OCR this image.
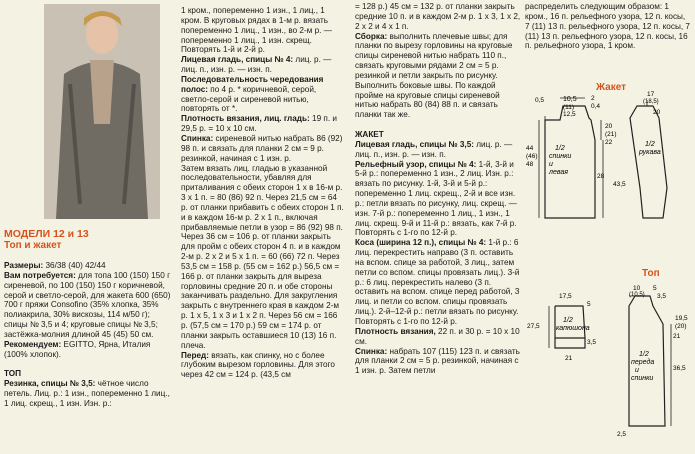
МОДЕЛИ 12 и 13
Топ и жакет

Размеры: 36/38 (40) 42/44

Вам потребуется: для топа 100 (150) 150 г сиреневой, по 100 (150) 150 г коричневой, серой и светло-серой, для жакета 600 (650) 700 г пряжи Consofino (35% хлопка, 35% полиакрила, 30% вискозы, 114 м/50 г); спицы № 3,5 и 4; круговые спицы № 3,5; застёжка-молния длиной 45 (45) 50 см.

Рекомендуем: EGITTO, Ярна, Италия (100% хлопок).

ТОП

Резинка, спицы № 3,5: чётное число петель. Лиц. р.: 1 изн., попеременно 1 лиц., 1 лиц. скрещ., 1 изн. Изн. р.:

1 кром., попеременно 1 изн., 1 лиц., 1 кром. В круговых рядах в 1-м р. вязать попеременно 1 лиц., 1 изн., во 2-м р. — попеременно 1 лиц., 1 изн. скрещ. Повторять 1-й и 2-й р.

Лицевая гладь, спицы № 4: лиц. р. — лиц. п., изн. р. — изн. п.

Последовательность чередования полос: по 4 р. * коричневой, серой, светло-серой и сиреневой нитью, повторять от *.

Плотность вязания, лиц. гладь: 19 п. и 29,5 р. = 10 х 10 см.

Спинка: сиреневой нитью набрать 86 (92) 98 п. и связать для планки 2 см = 9 р. резинкой, начиная с 1 изн. р.

Затем вязать лиц. гладью в указанной последовательности, убавляя для приталивания с обеих сторон 1 х в 16-м р. 3 х 1 п. = 80 (86) 92 п. Через 21,5 см = 64 р. от планки прибавить с обеих сторон 1 п. и в каждом 16-м р. 2 х 1 п., включая прибавляемые петли в узор = 86 (92) 98 п. Через 36 см = 106 р. от планки закрыть для пройм с обеих сторон 4 п. и в каждом 2-м р. 2 х 2 и 5 х 1 п. = 60 (66) 72 п. Через 53,5 см = 158 р. (55 см = 162 р.) 56,5 см = 166 р. от планки закрыть для выреза горловины средние 20 п. и обе стороны заканчивать раздельно. Для закругления закрыть с внутреннего края в каждом 2-м р. 1 х 5, 1 х 3 и 1 х 2 п. Через 56 см = 166 р. (57,5 см = 170 р.) 59 см = 174 р. от планки закрыть оставшиеся 10 (13) 16 п. плеча.

Перед: вязать, как спинку, но с более глубоким вырезом горловины. Для этого через 42 см = 124 р. (43,5 см

= 128 р.) 45 см = 132 р. от планки закрыть средние 10 п. и в каждом 2-м р. 1 х 3, 1 х 2, 2 х 2 и 4 х 1 п.

Сборка: выполнить плечевые швы; для планки по вырезу горловины на круговые спицы сиреневой нитью набрать 110 п., связать круговыми рядами 2 см = 5 р. резинкой и петли закрыть по рисунку. Выполнить боковые швы. По каждой пройме на круговые спицы сиреневой нитью набрать 80 (84) 88 п. и связать планки так же.

ЖАКЕТ

Лицевая гладь, спицы № 3,5: лиц. р. — лиц. п., изн. р. — изн. п.

Рельефный узор, спицы № 4: 1-й, 3-й и 5-й р.: попеременно 1 изн., 2 лиц. Изн. р.: вязать по рисунку. 1-й, 3-й и 5-й р.: попеременно 1 лиц. скрещ., 2-й и все изн. р.: петли вязать по рисунку, лиц. скрещ. — изн. 7-й р.: попеременно 1 лиц., 1 изн., 1 лиц. скрещ. 9-й и 11-й р.: вязать, как 7-й р. Повторять с 1-го по 12-й р.

Коса (ширина 12 п.), спицы № 4: 1-й р.: 6 лиц. перекрестить направо (3 п. оставить на вспом. спице за работой, 3 лиц., затем петли со вспом. спицы провязать лиц.). 3-й р.: 6 лиц. перекрестить налево (3 п. оставить на вспом. спице перед работой, 3 лиц. и петли со вспом. спицы провязать лиц.). 2-й–12-й р.: петли вязать по рисунку. Повторять с 1-го по 12-й р.

Плотность вязания, 22 п. и 30 р. = 10 х 10 см.

Спинка: набрать 107 (115) 123 п. и связать для планки 2 см = 5 р. резинкой, начиная с 1 изн. р. Затем петли

распределить следующим образом: 1 кром., 16 п. рельефного узора, 12 п. косы, 7 (11) 13 п. рельефного узора, 12 п. косы, 7 (11) 13 п. рельефного узора, 12 п. косы, 16 п. рельефного узора, 1 кром.

Жакет
10,5
(11)
12,5
0,5
0,4
2
20
(21)
22
44
(46)
48
28
43,5
17
(18,5)
20
1/2 спинки и левая
1/2 рукава
Топ
17,5
27,5
5
21
3,5
1/2 капюшона
10
(10,5)
19,5
(20)
21
36,5
5
3,5
2,5
1/2 переда и спинки
